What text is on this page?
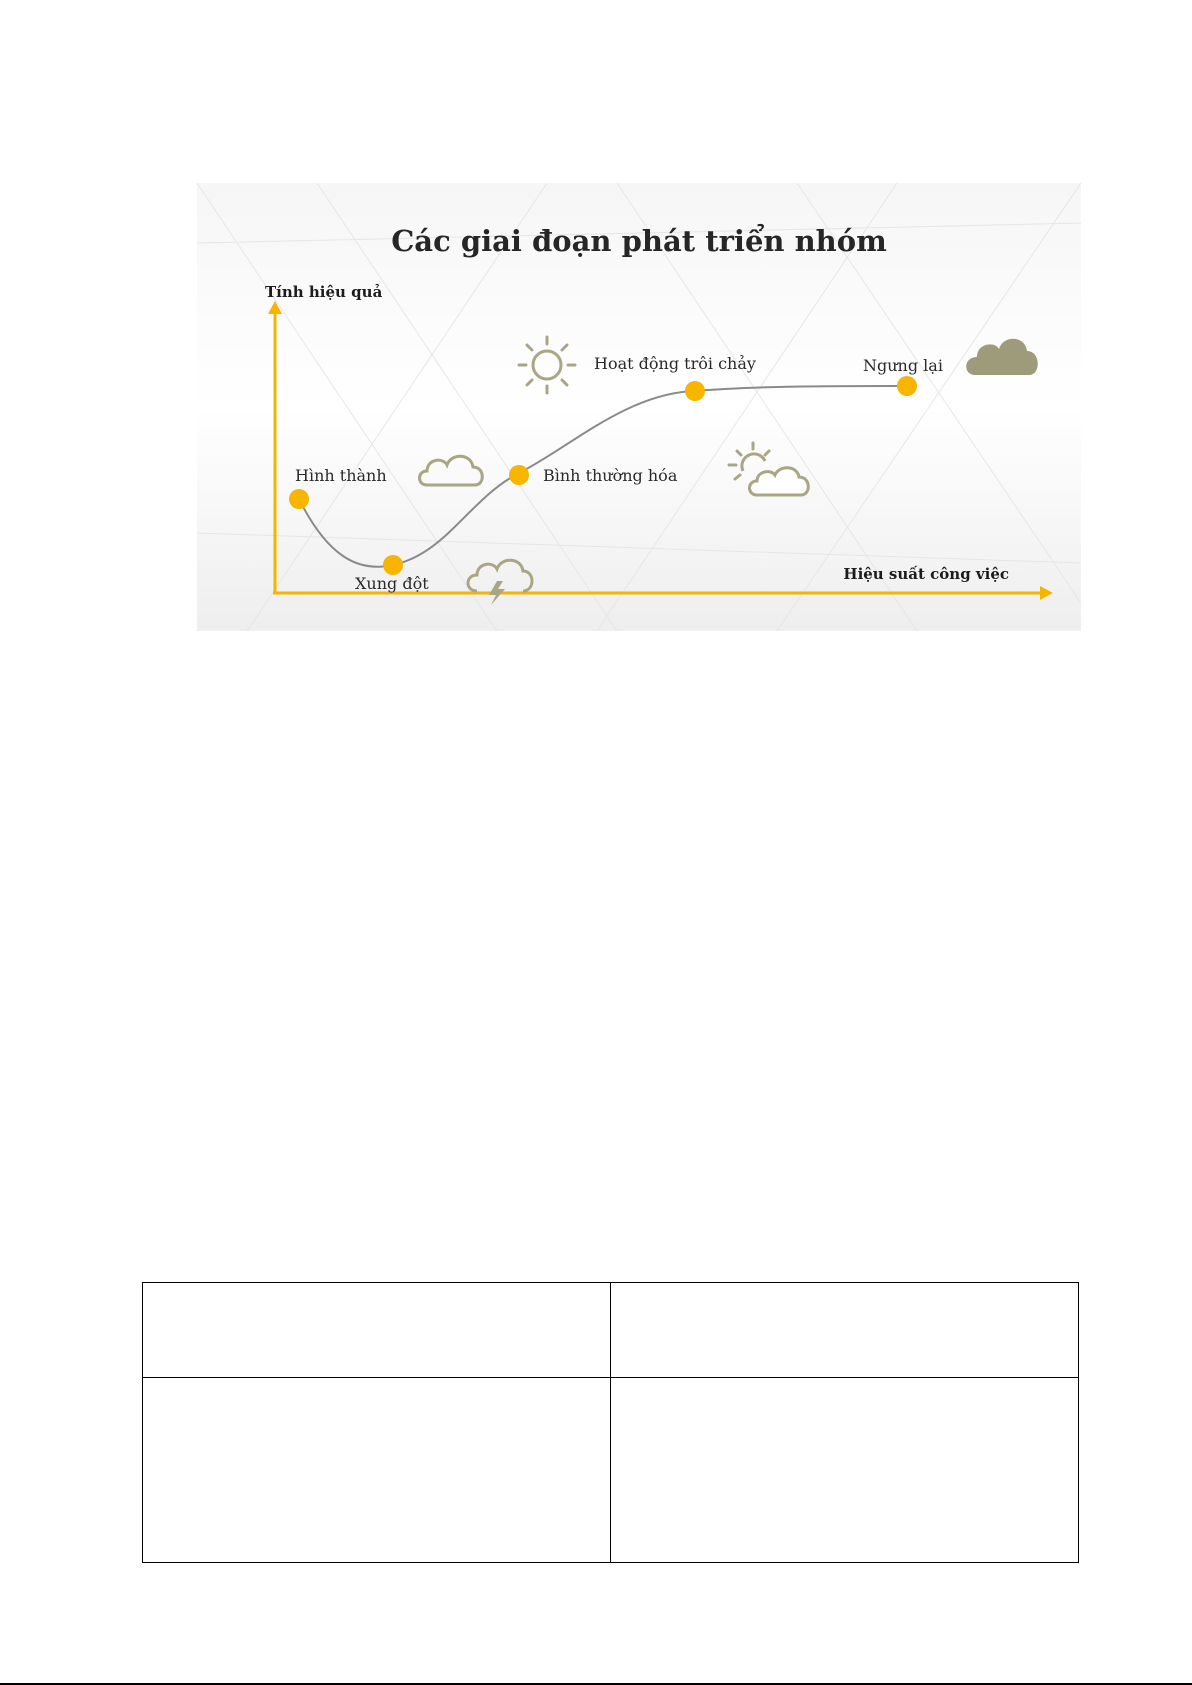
Các giai đoạn phát triển nhóm
Tính hiệu quả
Hiệu suất công việc
Hình thành
Xung đột
Bình thường hóa
Hoạt động trôi chảy	Ngưng lại
